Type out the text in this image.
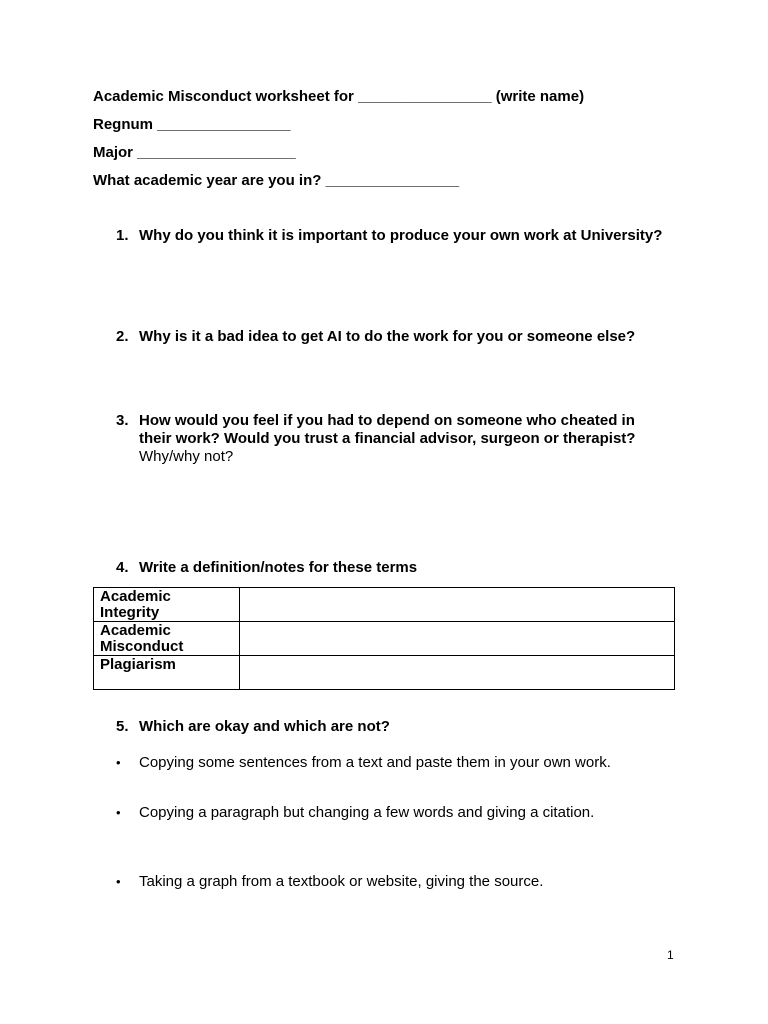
Academic Misconduct worksheet for ________________ (write name)
Regnum ________________
Major ___________________
What academic year are you in? ________________
1. Why do you think it is important to produce your own work at University?
2. Why is it a bad idea to get AI to do the work for you or someone else?
3. How would you feel if you had to depend on someone who cheated in their work? Would you trust a financial advisor, surgeon or therapist?
Why/why not?
4. Write a definition/notes for these terms
Academic Integrity	
Academic Misconduct	
Plagiarism	
5. Which are okay and which are not?
• Copying some sentences from a text and paste them in your own work.
• Copying a paragraph but changing a few words and giving a citation.
• Taking a graph from a textbook or website, giving the source.
1
